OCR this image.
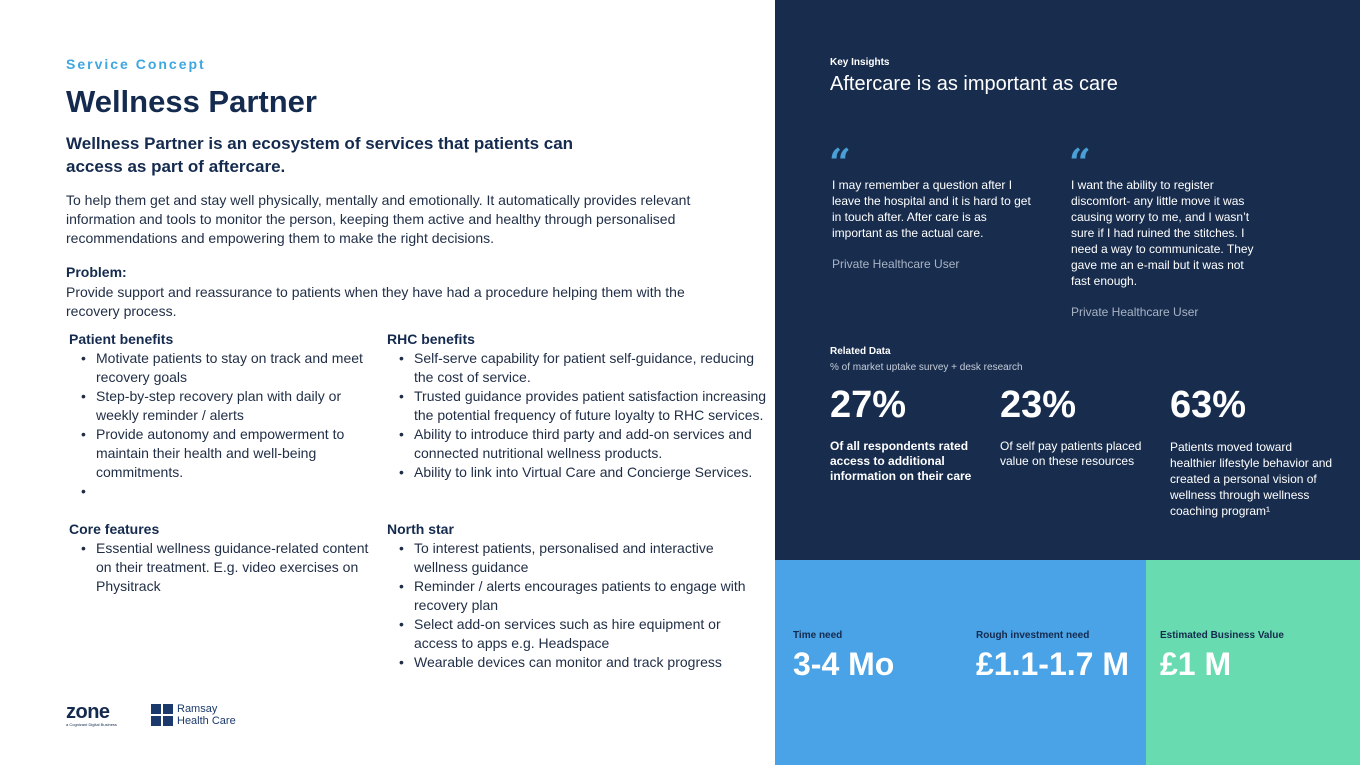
Service Concept
Wellness Partner
Wellness Partner is an ecosystem of services that patients can access as part of aftercare.
To help them get and stay well physically, mentally and emotionally. It automatically provides relevant information and tools to monitor the person, keeping them active and healthy through personalised recommendations and empowering them to make the right decisions.
Problem:
Provide support and reassurance to patients when they have had a procedure helping them with the recovery process.
Patient benefits
• Motivate patients to stay on track and meet recovery goals
• Step-by-step recovery plan with daily or weekly reminder / alerts
• Provide autonomy and empowerment to maintain their health and well-being commitments.
RHC benefits
• Self-serve capability for patient self-guidance, reducing the cost of service.
• Trusted guidance provides patient satisfaction increasing the potential frequency of future loyalty to RHC services.
• Ability to introduce third party and add-on services and connected nutritional wellness products.
• Ability to link into Virtual Care and Concierge Services.
Core features
• Essential wellness guidance-related content on their treatment. E.g. video exercises on Physitrack
North star
• To interest patients, personalised and interactive wellness guidance
• Reminder / alerts encourages patients to engage with recovery plan
• Select add-on services such as hire equipment or access to apps e.g. Headspace
• Wearable devices can monitor and track progress
zone
a Cognizant Digital Business
Ramsay
Health Care
Key Insights
Aftercare is as important as care
“
I may remember a question after I leave the hospital and it is hard to get in touch after. After care is as important as the actual care.
Private Healthcare User
“
I want the ability to register discomfort- any little move it was causing worry to me, and I wasn’t sure if I had ruined the stitches. I need a way to communicate. They gave me an e-mail but it was not fast enough.
Private Healthcare User
Related Data
% of market uptake survey + desk research
27% 23% 63%
Of all respondents rated access to additional information on their care
Of self pay patients placed value on these resources
Patients moved toward healthier lifestyle behavior and created a personal vision of wellness through wellness coaching program¹
Time need
3-4 Mo
Rough investment need
£1.1-1.7 M
Estimated Business Value
£1 M
